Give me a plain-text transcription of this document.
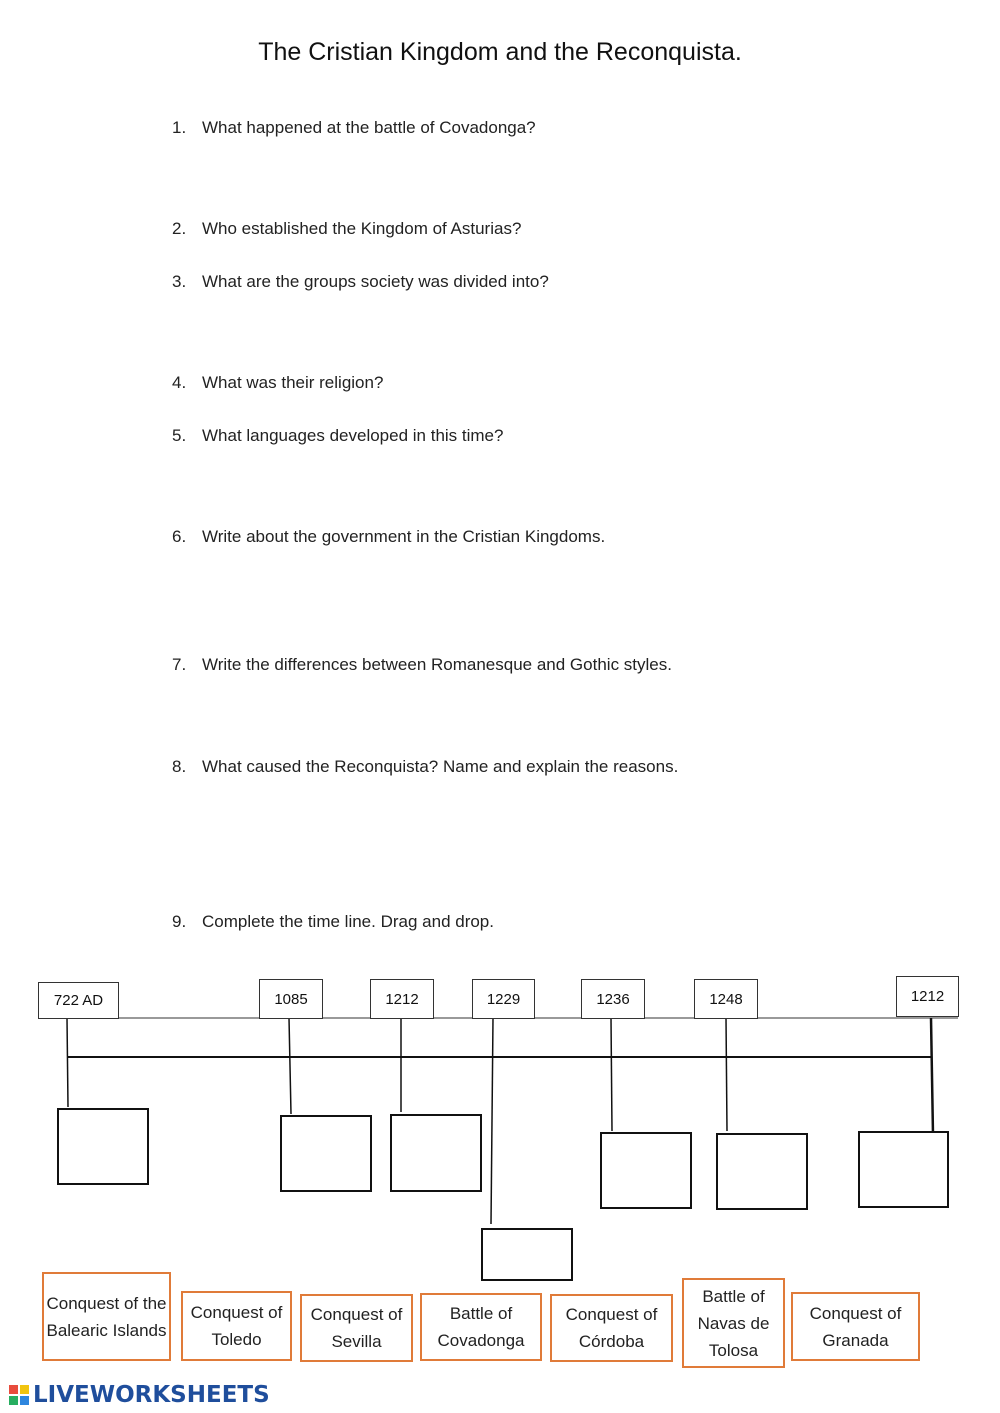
The Cristian Kingdom and the Reconquista.
1. What happened at the battle of Covadonga?
2. Who established the Kingdom of Asturias?
3. What are the groups society was divided into?
4. What was their religion?
5. What languages developed in this time?
6. Write about the government in the Cristian Kingdoms.
7. Write the differences between Romanesque and Gothic styles.
8. What caused the Reconquista? Name and explain the reasons.
9. Complete the time line. Drag and drop.
722 AD	1085	1212	1229	1236	1248	1212
Conquest of the Balearic Islands
Conquest of Toledo
Conquest of Sevilla
Battle of Covadonga
Conquest of Córdoba
Battle of Navas de Tolosa
Conquest of Granada
LIVEWORKSHEETS
